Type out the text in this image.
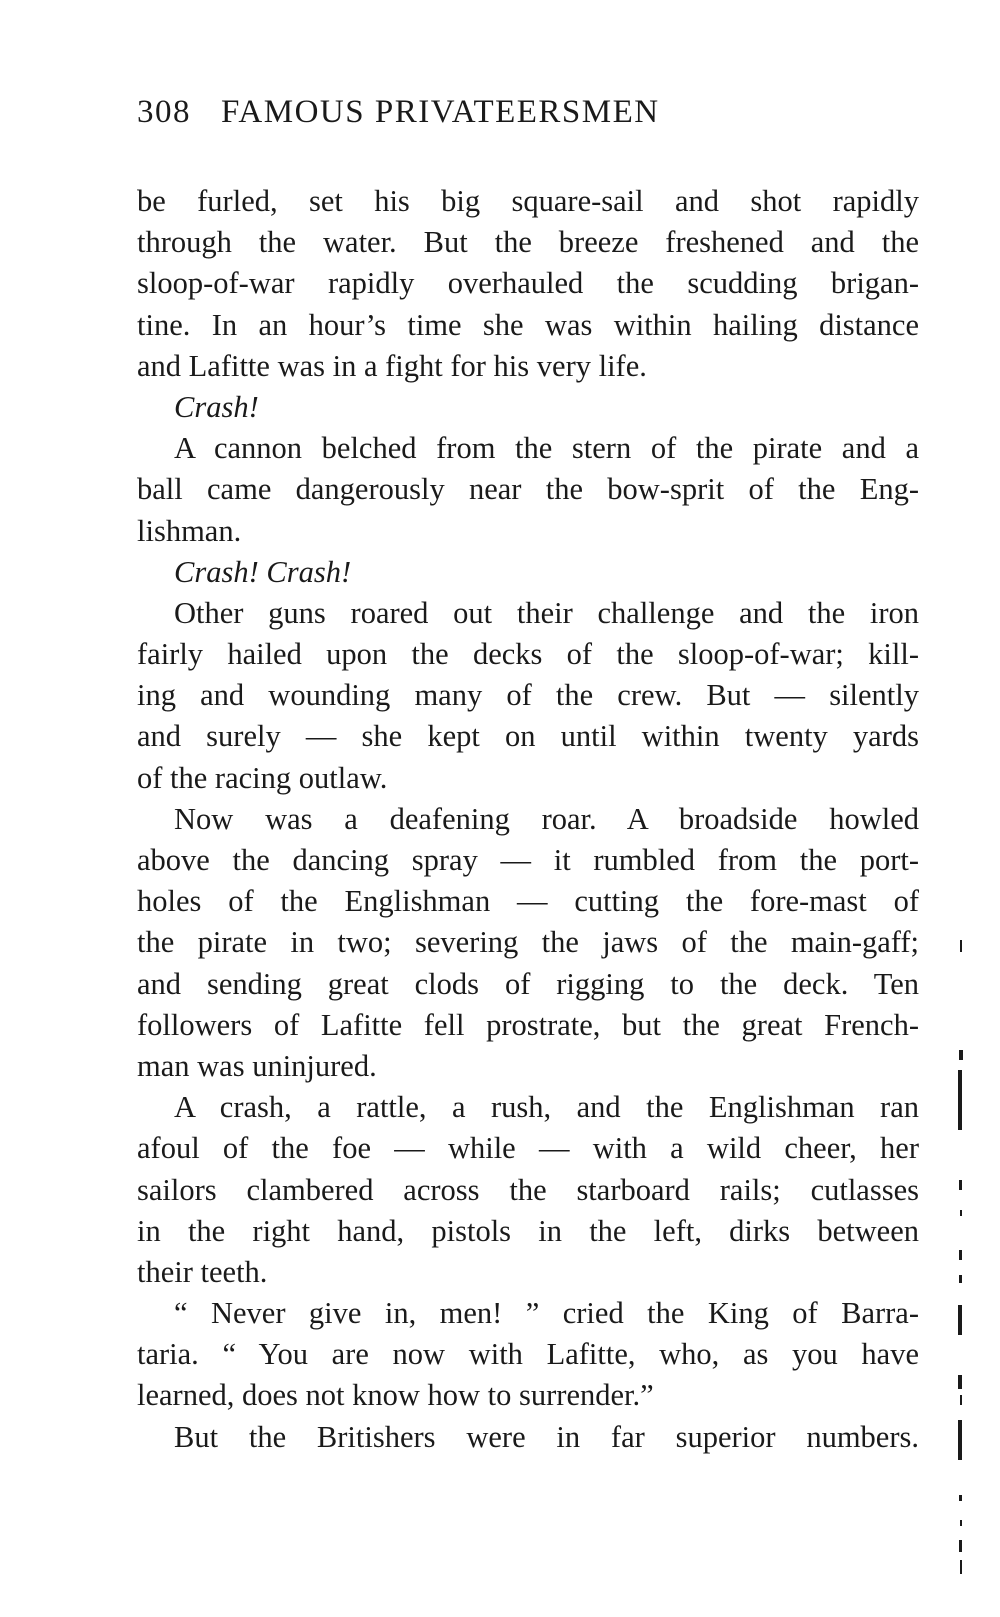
308 FAMOUS PRIVATEERSMEN
be furled, set his big square-sail and shot rapidly
through the water. But the breeze freshened and the
sloop-of-war rapidly overhauled the scudding brigan-
tine. In an hour’s time she was within hailing distance
and Lafitte was in a fight for his very life.
Crash!
A cannon belched from the stern of the pirate and a
ball came dangerously near the bow-sprit of the Eng-
lishman.
Crash! Crash!
Other guns roared out their challenge and the iron
fairly hailed upon the decks of the sloop-of-war; kill-
ing and wounding many of the crew. But — silently
and surely — she kept on until within twenty yards
of the racing outlaw.
Now was a deafening roar. A broadside howled
above the dancing spray — it rumbled from the port-
holes of the Englishman — cutting the fore-mast of
the pirate in two; severing the jaws of the main-gaff;
and sending great clods of rigging to the deck. Ten
followers of Lafitte fell prostrate, but the great French-
man was uninjured.
A crash, a rattle, a rush, and the Englishman ran
afoul of the foe — while — with a wild cheer, her
sailors clambered across the starboard rails; cutlasses
in the right hand, pistols in the left, dirks between
their teeth.
“ Never give in, men! ” cried the King of Barra-
taria. “ You are now with Lafitte, who, as you have
learned, does not know how to surrender.”
But the Britishers were in far superior numbers.
